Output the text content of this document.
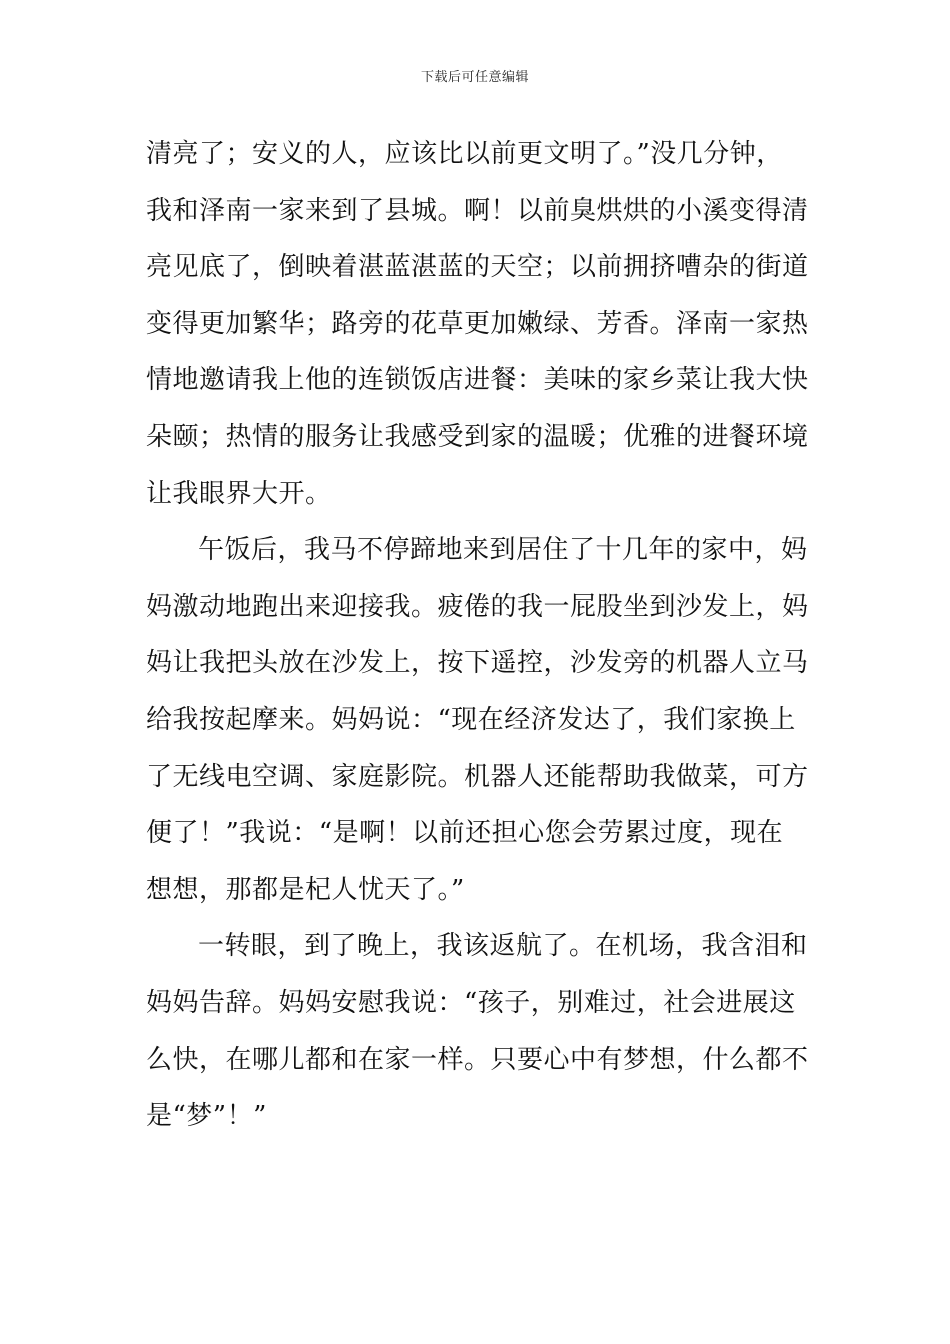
下载后可任意编辑
清亮了；安义的人，应该比以前更文明了。”没几分钟，
我和泽南一家来到了县城。啊！以前臭烘烘的小溪变得清
亮见底了，倒映着湛蓝湛蓝的天空；以前拥挤嘈杂的街道
变得更加繁华；路旁的花草更加嫩绿、芳香。泽南一家热
情地邀请我上他的连锁饭店进餐：美味的家乡菜让我大快
朵颐；热情的服务让我感受到家的温暖；优雅的进餐环境
让我眼界大开。
午饭后，我马不停蹄地来到居住了十几年的家中，妈
妈激动地跑出来迎接我。疲倦的我一屁股坐到沙发上，妈
妈让我把头放在沙发上，按下遥控，沙发旁的机器人立马
给我按起摩来。妈妈说：“现在经济发达了，我们家换上
了无线电空调、家庭影院。机器人还能帮助我做菜，可方
便了！”我说：“是啊！以前还担心您会劳累过度，现在
想想，那都是杞人忧天了。”
一转眼，到了晚上，我该返航了。在机场，我含泪和
妈妈告辞。妈妈安慰我说：“孩子，别难过，社会进展这
么快，在哪儿都和在家一样。只要心中有梦想，什么都不
是“梦”！”
